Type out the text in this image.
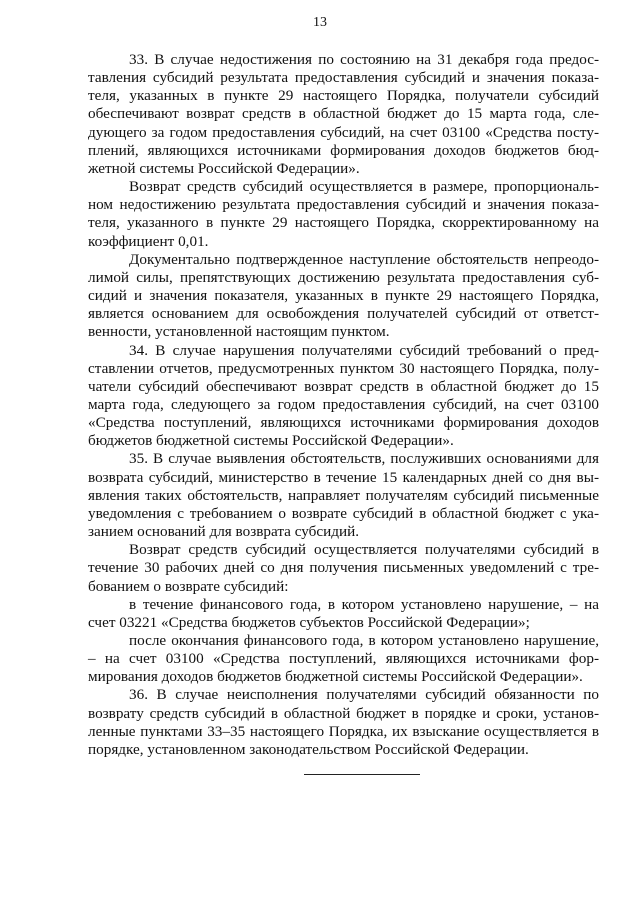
13

33. В случае недостижения по состоянию на 31 декабря года предоставления субсидий результата предоставления субсидий и значения показателя, указанных в пункте 29 настоящего Порядка, получатели субсидий обеспечивают возврат средств в областной бюджет до 15 марта года, следующего за годом предоставления субсидий, на счет 03100 «Средства поступлений, являющихся источниками формирования доходов бюджетов бюджетной системы Российской Федерации».

Возврат средств субсидий осуществляется в размере, пропорциональном недостижению результата предоставления субсидий и значения показателя, указанного в пункте 29 настоящего Порядка, скорректированному на коэффициент 0,01.

Документально подтвержденное наступление обстоятельств непреодолимой силы, препятствующих достижению результата предоставления субсидий и значения показателя, указанных в пункте 29 настоящего Порядка, является основанием для освобождения получателей субсидий от ответственности, установленной настоящим пунктом.

34. В случае нарушения получателями субсидий требований о представлении отчетов, предусмотренных пунктом 30 настоящего Порядка, получатели субсидий обеспечивают возврат средств в областной бюджет до 15 марта года, следующего за годом предоставления субсидий, на счет 03100 «Средства поступлений, являющихся источниками формирования доходов бюджетов бюджетной системы Российской Федерации».

35. В случае выявления обстоятельств, послуживших основаниями для возврата субсидий, министерство в течение 15 календарных дней со дня выявления таких обстоятельств, направляет получателям субсидий письменные уведомления с требованием о возврате субсидий в областной бюджет с указанием оснований для возврата субсидий.

Возврат средств субсидий осуществляется получателями субсидий в течение 30 рабочих дней со дня получения письменных уведомлений с требованием о возврате субсидий:

в течение финансового года, в котором установлено нарушение, – на счет 03221 «Средства бюджетов субъектов Российской Федерации»;

после окончания финансового года, в котором установлено нарушение, – на счет 03100 «Средства поступлений, являющихся источниками формирования доходов бюджетов бюджетной системы Российской Федерации».

36. В случае неисполнения получателями субсидий обязанности по возврату средств субсидий в областной бюджет в порядке и сроки, установленные пунктами 33–35 настоящего Порядка, их взыскание осуществляется в порядке, установленном законодательством Российской Федерации.
